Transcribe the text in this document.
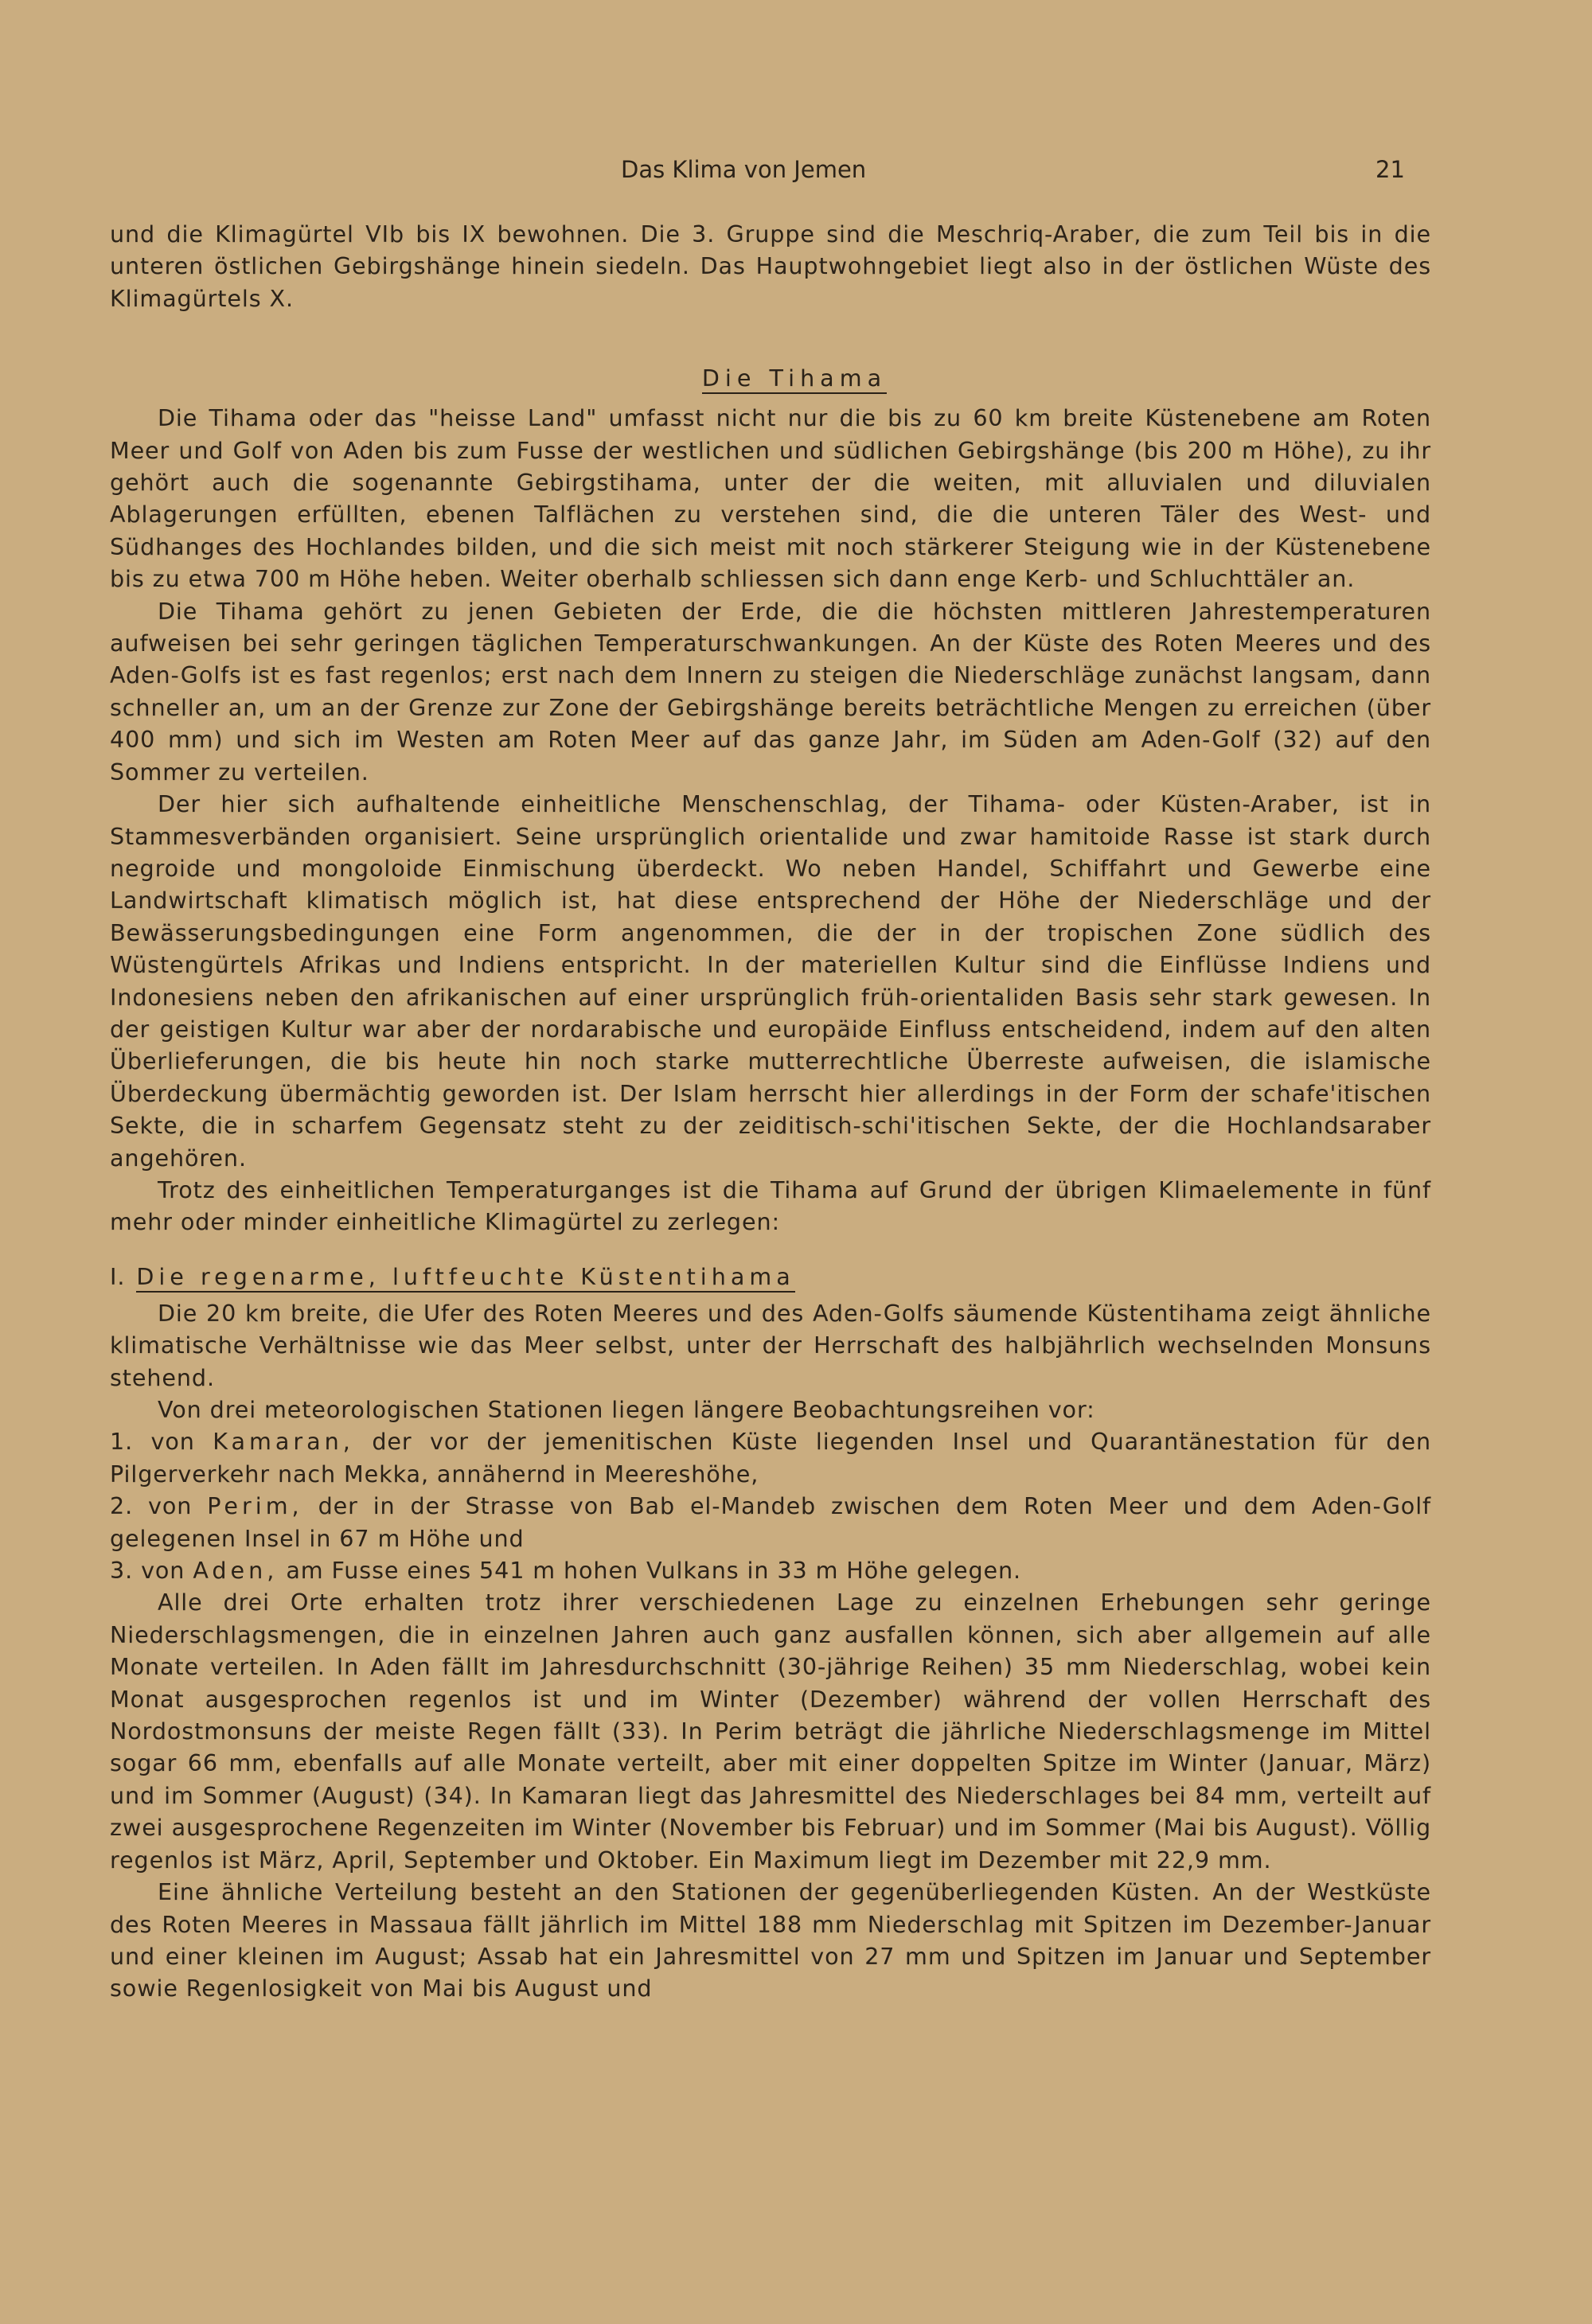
Das Klima von Jemen	21

und die Klimagürtel VIb bis IX bewohnen. Die 3. Gruppe sind die Meschriq-Araber, die zum Teil bis in die unteren östlichen Gebirgshänge hinein siedeln. Das Hauptwohngebiet liegt also in der östlichen Wüste des Klimagürtels X.

Die Tihama

Die Tihama oder das "heisse Land" umfasst nicht nur die bis zu 60 km breite Küstenebene am Roten Meer und Golf von Aden bis zum Fusse der westlichen und südlichen Gebirgshänge (bis 200 m Höhe), zu ihr gehört auch die sogenannte Gebirgstihama, unter der die weiten, mit alluvialen und diluvialen Ablagerungen erfüllten, ebenen Talflächen zu verstehen sind, die die unteren Täler des West- und Südhanges des Hochlandes bilden, und die sich meist mit noch stärkerer Steigung wie in der Küstenebene bis zu etwa 700 m Höhe heben. Weiter oberhalb schliessen sich dann enge Kerb- und Schluchttäler an.

Die Tihama gehört zu jenen Gebieten der Erde, die die höchsten mittleren Jahrestemperaturen aufweisen bei sehr geringen täglichen Temperaturschwankungen. An der Küste des Roten Meeres und des Aden-Golfs ist es fast regenlos; erst nach dem Innern zu steigen die Niederschläge zunächst langsam, dann schneller an, um an der Grenze zur Zone der Gebirgshänge bereits beträchtliche Mengen zu erreichen (über 400 mm) und sich im Westen am Roten Meer auf das ganze Jahr, im Süden am Aden-Golf (32) auf den Sommer zu verteilen.

Der hier sich aufhaltende einheitliche Menschenschlag, der Tihama- oder Küsten-Araber, ist in Stammesverbänden organisiert. Seine ursprünglich orientalide und zwar hamitoide Rasse ist stark durch negroide und mongoloide Einmischung überdeckt. Wo neben Handel, Schiffahrt und Gewerbe eine Landwirtschaft klimatisch möglich ist, hat diese entsprechend der Höhe der Niederschläge und der Bewässerungsbedingungen eine Form angenommen, die der in der tropischen Zone südlich des Wüstengürtels Afrikas und Indiens entspricht. In der materiellen Kultur sind die Einflüsse Indiens und Indonesiens neben den afrikanischen auf einer ursprünglich früh-orientaliden Basis sehr stark gewesen. In der geistigen Kultur war aber der nordarabische und europäide Einfluss entscheidend, indem auf den alten Überlieferungen, die bis heute hin noch starke mutterrechtliche Überreste aufweisen, die islamische Überdeckung übermächtig geworden ist. Der Islam herrscht hier allerdings in der Form der schafe'itischen Sekte, die in scharfem Gegensatz steht zu der zeiditisch-schi'itischen Sekte, der die Hochlandsaraber angehören.

Trotz des einheitlichen Temperaturganges ist die Tihama auf Grund der übrigen Klimaelemente in fünf mehr oder minder einheitliche Klimagürtel zu zerlegen:

I. Die regenarme, luftfeuchte Küstentihama

Die 20 km breite, die Ufer des Roten Meeres und des Aden-Golfs säumende Küstentihama zeigt ähnliche klimatische Verhältnisse wie das Meer selbst, unter der Herrschaft des halbjährlich wechselnden Monsuns stehend.

Von drei meteorologischen Stationen liegen längere Beobachtungsreihen vor:

1. von Kamaran, der vor der jemenitischen Küste liegenden Insel und Quarantänestation für den Pilgerverkehr nach Mekka, annähernd in Meereshöhe,

2. von Perim, der in der Strasse von Bab el-Mandeb zwischen dem Roten Meer und dem Aden-Golf gelegenen Insel in 67 m Höhe und

3. von Aden, am Fusse eines 541 m hohen Vulkans in 33 m Höhe gelegen.

Alle drei Orte erhalten trotz ihrer verschiedenen Lage zu einzelnen Erhebungen sehr geringe Niederschlagsmengen, die in einzelnen Jahren auch ganz ausfallen können, sich aber allgemein auf alle Monate verteilen. In Aden fällt im Jahresdurchschnitt (30-jährige Reihen) 35 mm Niederschlag, wobei kein Monat ausgesprochen regenlos ist und im Winter (Dezember) während der vollen Herrschaft des Nordostmonsuns der meiste Regen fällt (33). In Perim beträgt die jährliche Niederschlagsmenge im Mittel sogar 66 mm, ebenfalls auf alle Monate verteilt, aber mit einer doppelten Spitze im Winter (Januar, März) und im Sommer (August) (34). In Kamaran liegt das Jahresmittel des Niederschlages bei 84 mm, verteilt auf zwei ausgesprochene Regenzeiten im Winter (November bis Februar) und im Sommer (Mai bis August). Völlig regenlos ist März, April, September und Oktober. Ein Maximum liegt im Dezember mit 22,9 mm.

Eine ähnliche Verteilung besteht an den Stationen der gegenüberliegenden Küsten. An der Westküste des Roten Meeres in Massaua fällt jährlich im Mittel 188 mm Niederschlag mit Spitzen im Dezember-Januar und einer kleinen im August; Assab hat ein Jahresmittel von 27 mm und Spitzen im Januar und September sowie Regenlosigkeit von Mai bis August und
